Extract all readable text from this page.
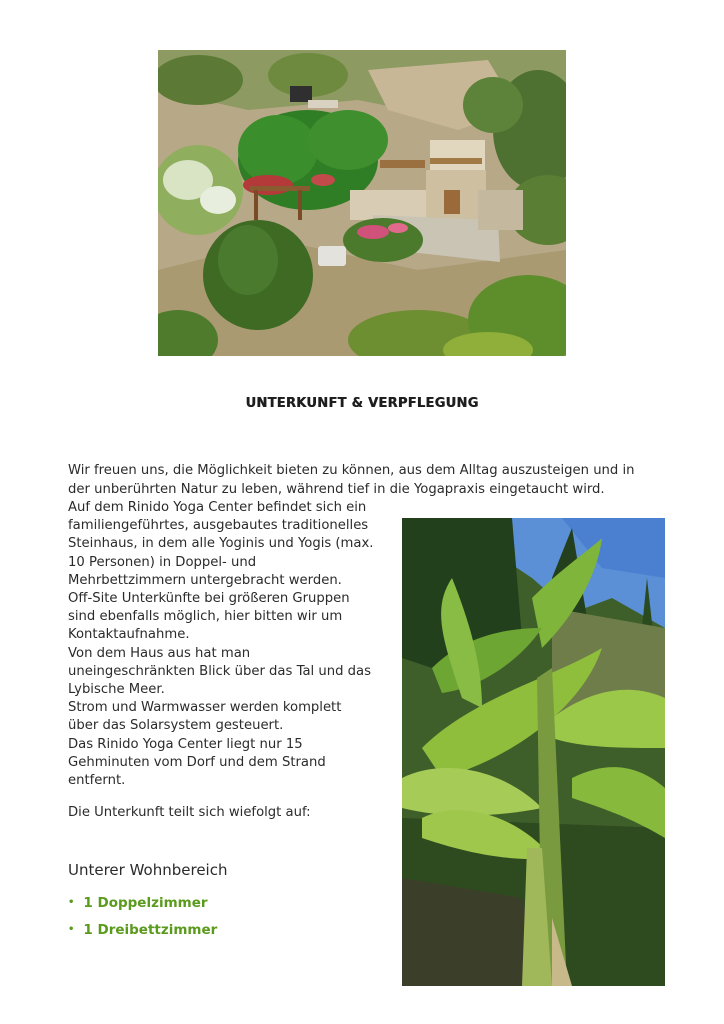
UNTERKUNFT & VERPFLEGUNG

Wir freuen uns, die Möglichkeit bieten zu können, aus dem Alltag auszusteigen und in der unberührten Natur zu leben, während tief in die Yogapraxis eingetaucht wird.

Auf dem Rinido Yoga Center befindet sich ein
familiengeführtes, ausgebautes traditionelles
Steinhaus, in dem alle Yoginis und Yogis (max.
10 Personen) in Doppel- und
Mehrbettzimmern untergebracht werden.
Off-Site Unterkünfte bei größeren Gruppen
sind ebenfalls möglich, hier bitten wir um
Kontaktaufnahme.
Von dem Haus aus hat man
uneingeschränkten Blick über das Tal und das
Lybische Meer.
Strom und Warmwasser werden komplett
über das Solarsystem gesteuert.
Das Rinido Yoga Center liegt nur 15
Gehminuten vom Dorf und dem Strand
entfernt.
Die Unterkunft teilt sich wiefolgt auf:
Unterer Wohnbereich
• 1 Doppelzimmer
• 1 Dreibettzimmer
